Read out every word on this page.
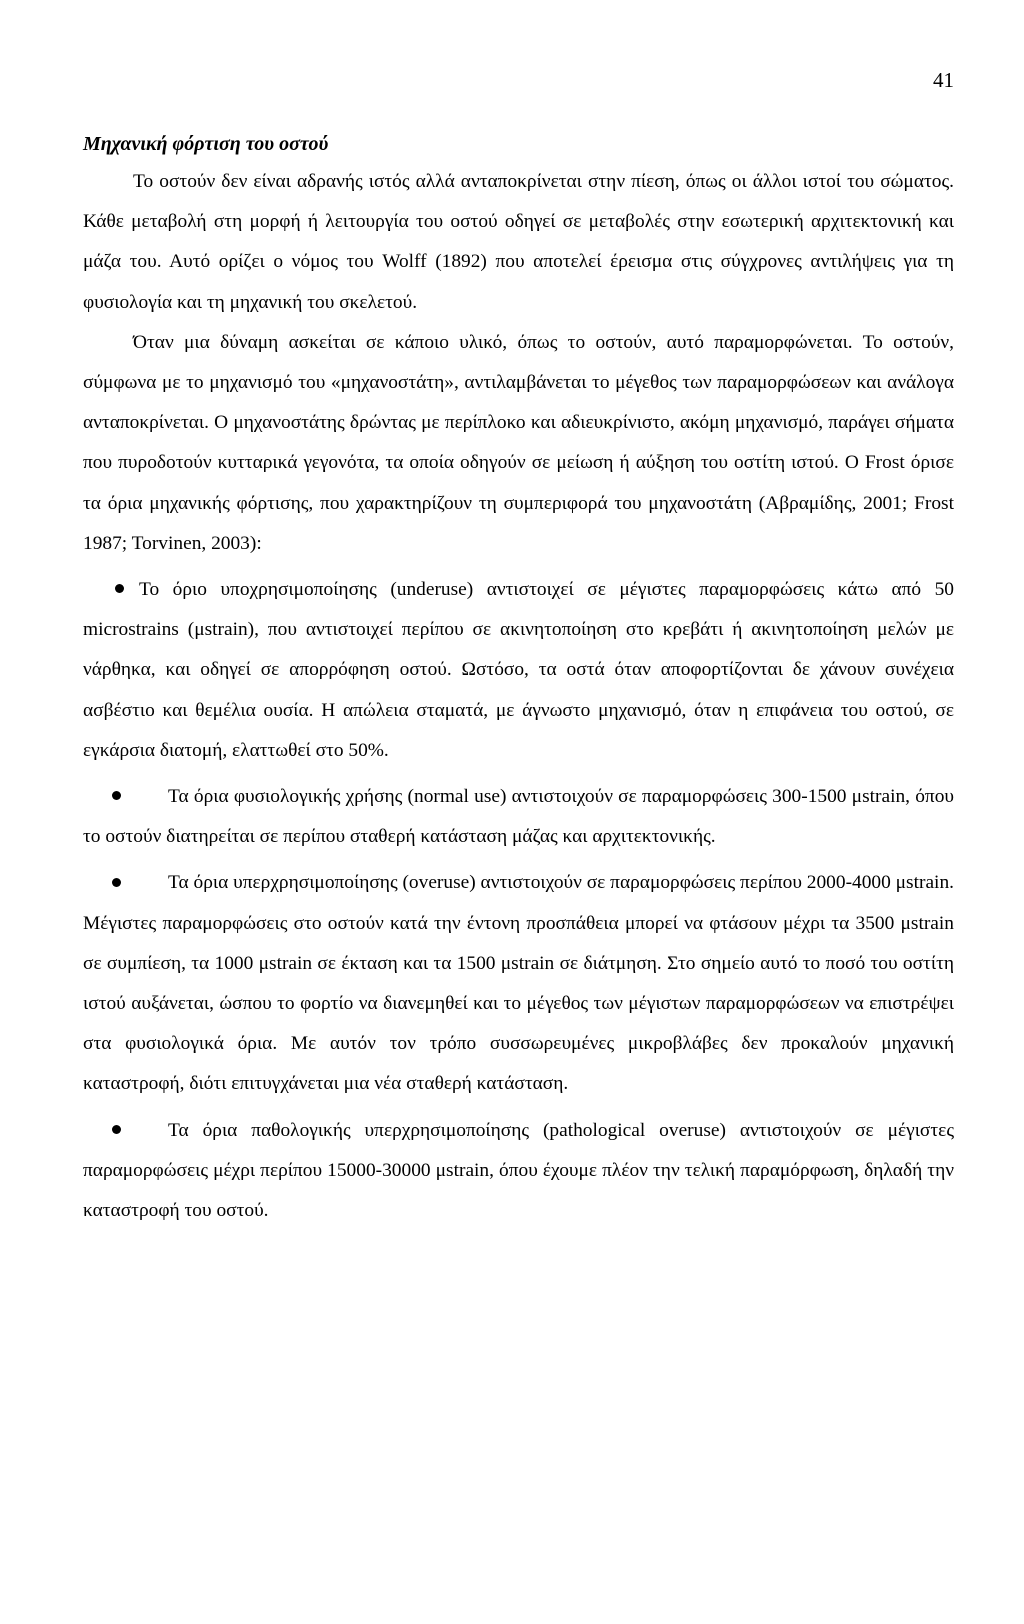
41
Μηχανική φόρτιση του οστού

Το οστούν δεν είναι αδρανής ιστός αλλά ανταποκρίνεται στην πίεση, όπως οι άλλοι ιστοί του σώματος. Κάθε μεταβολή στη μορφή ή λειτουργία του οστού οδηγεί σε μεταβολές στην εσωτερική αρχιτεκτονική και μάζα του. Αυτό ορίζει ο νόμος του Wolff (1892) που αποτελεί έρεισμα στις σύγχρονες αντιλήψεις για τη φυσιολογία και τη μηχανική του σκελετού.

Όταν μια δύναμη ασκείται σε κάποιο υλικό, όπως το οστούν, αυτό παραμορφώνεται. Το οστούν, σύμφωνα με το μηχανισμό του «μηχανοστάτη», αντιλαμβάνεται το μέγεθος των παραμορφώσεων και ανάλογα ανταποκρίνεται. Ο μηχανοστάτης δρώντας με περίπλοκο και αδιευκρίνιστο, ακόμη μηχανισμό, παράγει σήματα που πυροδοτούν κυτταρικά γεγονότα, τα οποία οδηγούν σε μείωση ή αύξηση του οστίτη ιστού. Ο Frost όρισε τα όρια μηχανικής φόρτισης, που χαρακτηρίζουν τη συμπεριφορά του μηχανοστάτη (Αβραμίδης, 2001; Frost 1987; Torvinen, 2003):

Το όριο υποχρησιμοποίησης (underuse) αντιστοιχεί σε μέγιστες παραμορφώσεις κάτω από 50 microstrains (μstrain), που αντιστοιχεί περίπου σε ακινητοποίηση στο κρεβάτι ή ακινητοποίηση μελών με νάρθηκα, και οδηγεί σε απορρόφηση οστού. Ωστόσο, τα οστά όταν αποφορτίζονται δε χάνουν συνέχεια ασβέστιο και θεμέλια ουσία. Η απώλεια σταματά, με άγνωστο μηχανισμό, όταν η επιφάνεια του οστού, σε εγκάρσια διατομή, ελαττωθεί στο 50%.

Τα όρια φυσιολογικής χρήσης (normal use) αντιστοιχούν σε παραμορφώσεις 300-1500 μstrain, όπου το οστούν διατηρείται σε περίπου σταθερή κατάσταση μάζας και αρχιτεκτονικής.

Τα όρια υπερχρησιμοποίησης (overuse) αντιστοιχούν σε παραμορφώσεις περίπου 2000-4000 μstrain. Μέγιστες παραμορφώσεις στο οστούν κατά την έντονη προσπάθεια μπορεί να φτάσουν μέχρι τα 3500 μstrain σε συμπίεση, τα 1000 μstrain σε έκταση και τα 1500 μstrain σε διάτμηση. Στο σημείο αυτό το ποσό του οστίτη ιστού αυξάνεται, ώσπου το φορτίο να διανεμηθεί και το μέγεθος των μέγιστων παραμορφώσεων να επιστρέψει στα φυσιολογικά όρια. Με αυτόν τον τρόπο συσσωρευμένες μικροβλάβες δεν προκαλούν μηχανική καταστροφή, διότι επιτυγχάνεται μια νέα σταθερή κατάσταση.

Τα όρια παθολογικής υπερχρησιμοποίησης (pathological overuse) αντιστοιχούν σε μέγιστες παραμορφώσεις μέχρι περίπου 15000-30000 μstrain, όπου έχουμε πλέον την τελική παραμόρφωση, δηλαδή την καταστροφή του οστού.
